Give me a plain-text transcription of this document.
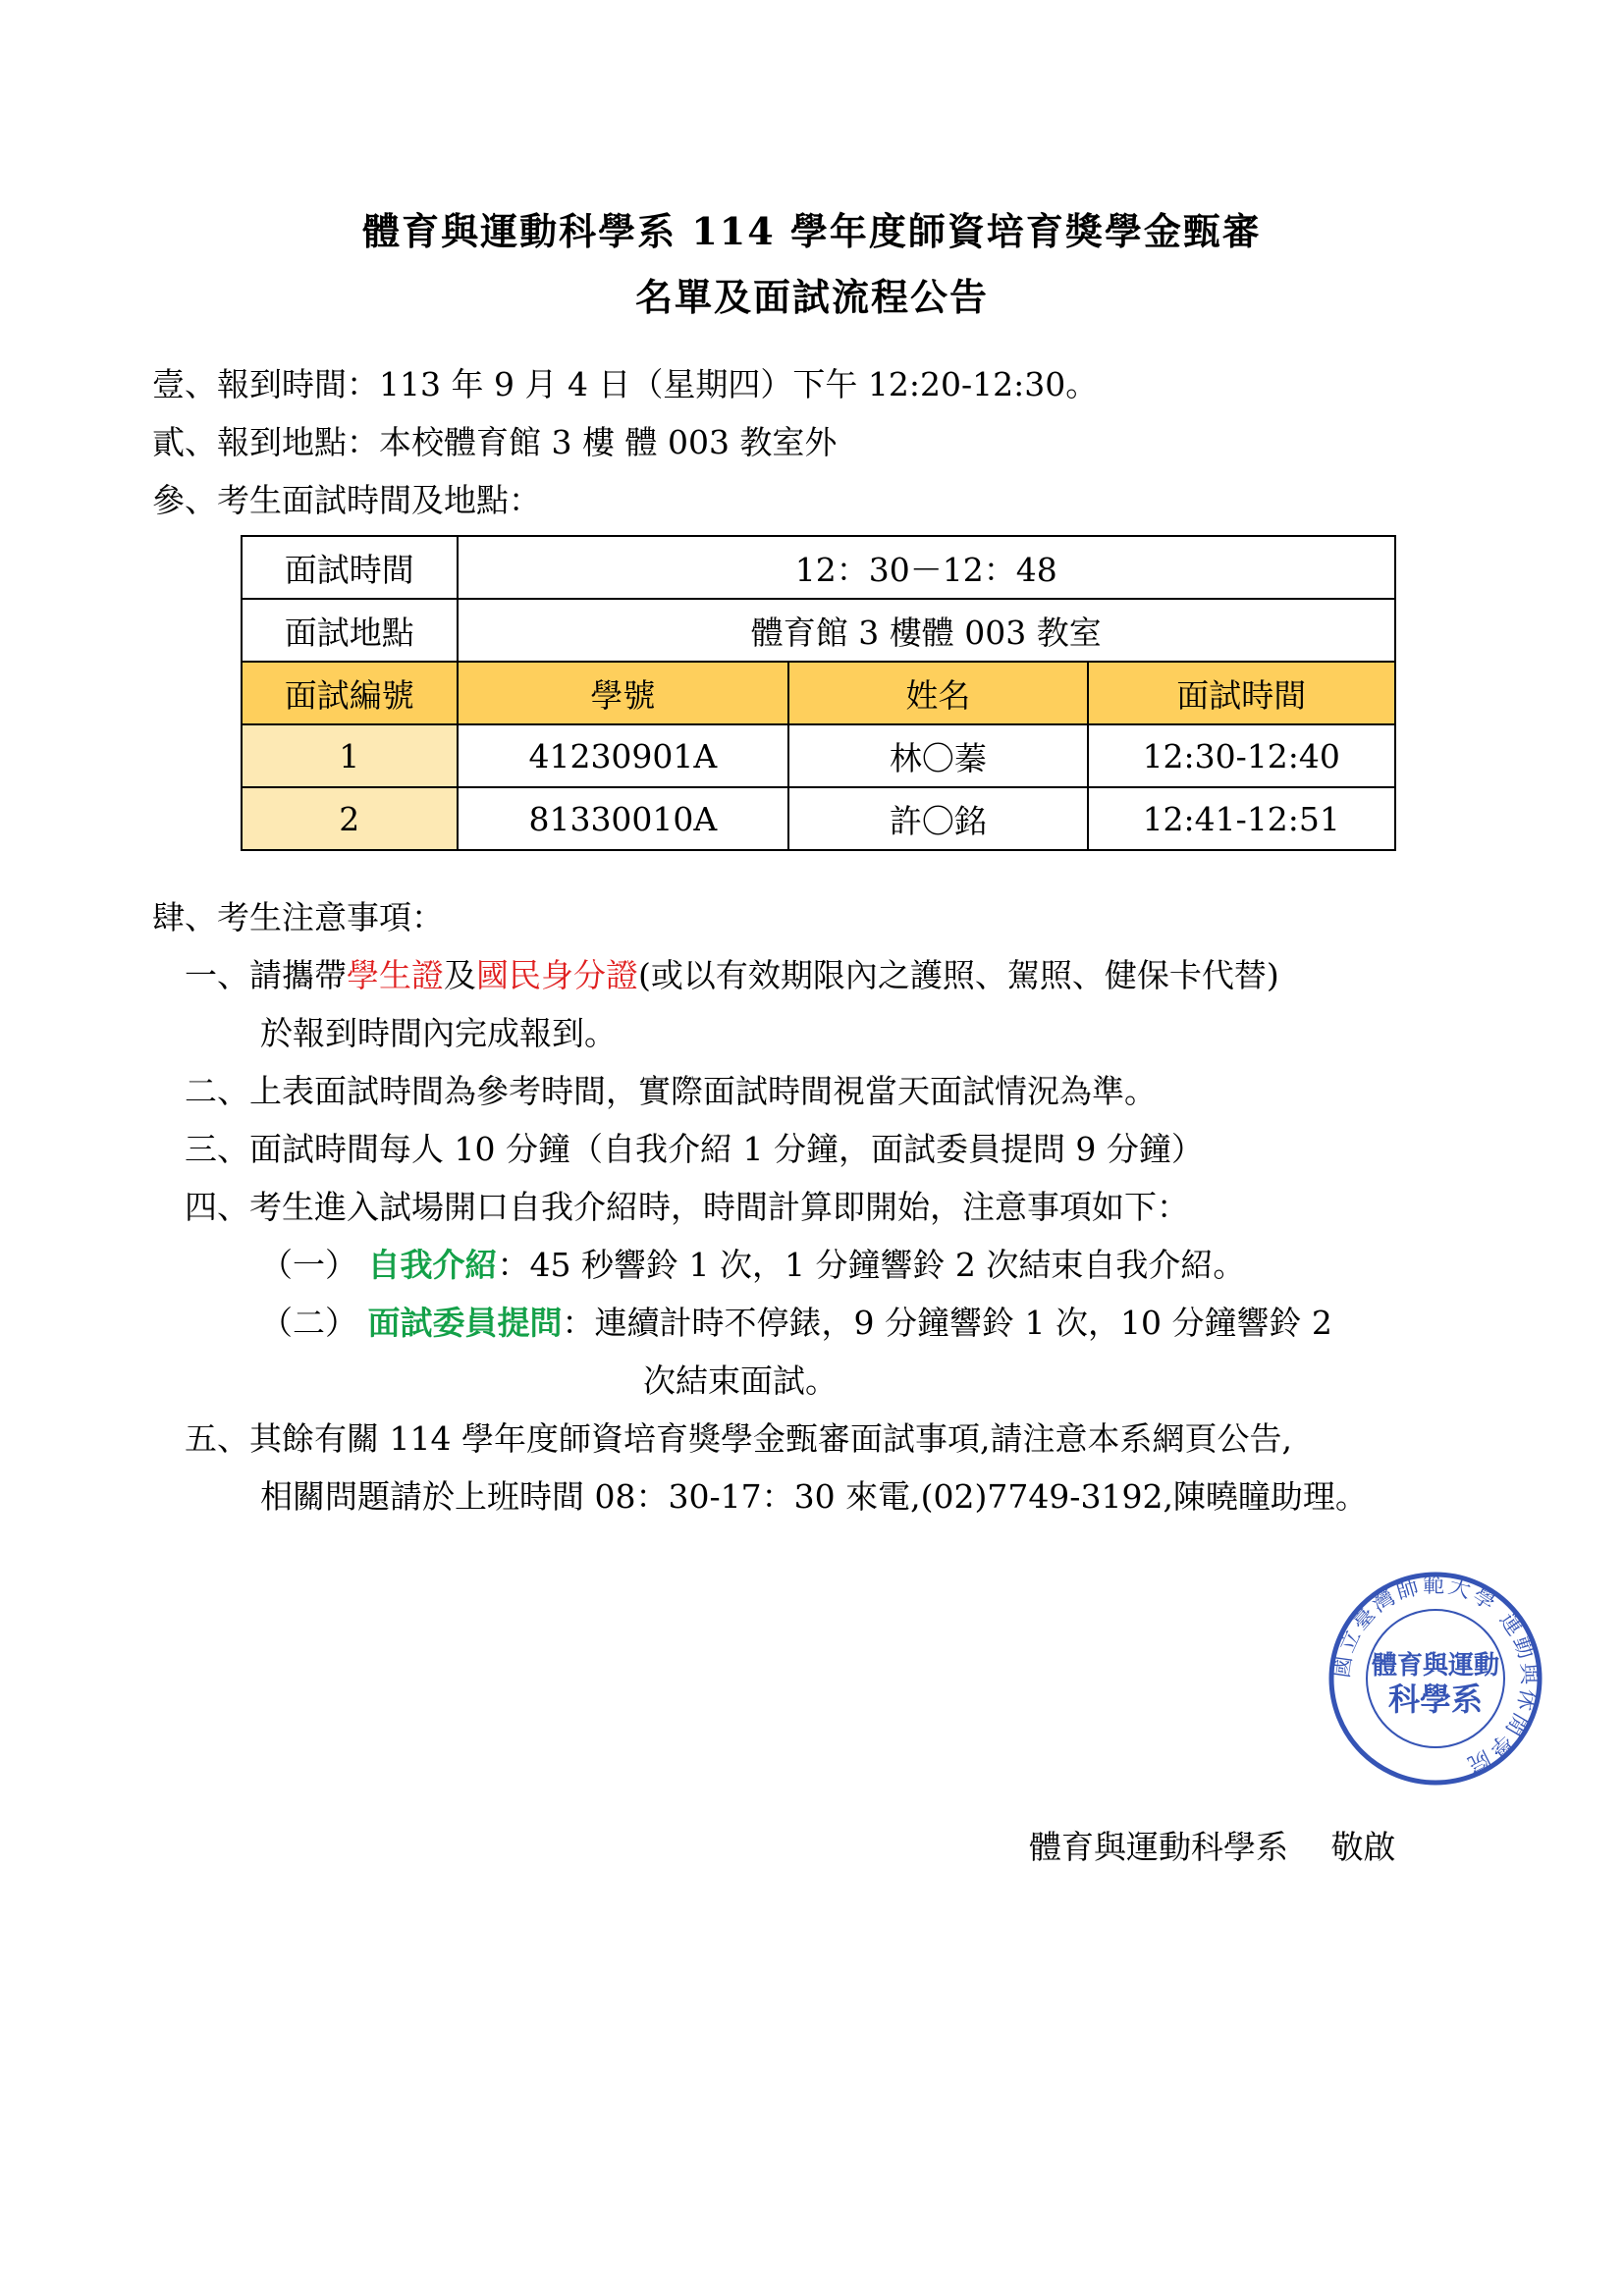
體育與運動科學系 114 學年度師資培育獎學金甄審
名單及面試流程公告
壹、報到時間：113 年 9 月 4 日（星期四）下午 12:20-12:30。
貳、報到地點：本校體育館 3 樓 體 003 教室外
參、考生面試時間及地點：
面試時間	12：30－12：48		
面試地點	體育館 3 樓體 003 教室		
面試編號	學號	姓名	面試時間
1	41230901A	林〇蓁	12:30-12:40
2	81330010A	許〇銘	12:41-12:51
肆、考生注意事項：
一、請攜帶學生證及國民身分證(或以有效期限內之護照、駕照、健保卡代替)
於報到時間內完成報到。
二、上表面試時間為參考時間，實際面試時間視當天面試情況為準。
三、面試時間每人 10 分鐘（自我介紹 1 分鐘，面試委員提問 9 分鐘）
四、考生進入試場開口自我介紹時，時間計算即開始，注意事項如下：
（一） 自我介紹：45 秒響鈴 1 次，1 分鐘響鈴 2 次結束自我介紹。
（二） 面試委員提問：連續計時不停錶，9 分鐘響鈴 1 次，10 分鐘響鈴 2
次結束面試。
五、其餘有關 114 學年度師資培育獎學金甄審面試事項,請注意本系網頁公告,
相關問題請於上班時間 08：30-17：30 來電,(02)7749-3192,陳曉瞳助理。
國立臺灣師範大學 運動與休閒學院
體育與運動
科學系
體育與運動科學系　 敬啟
